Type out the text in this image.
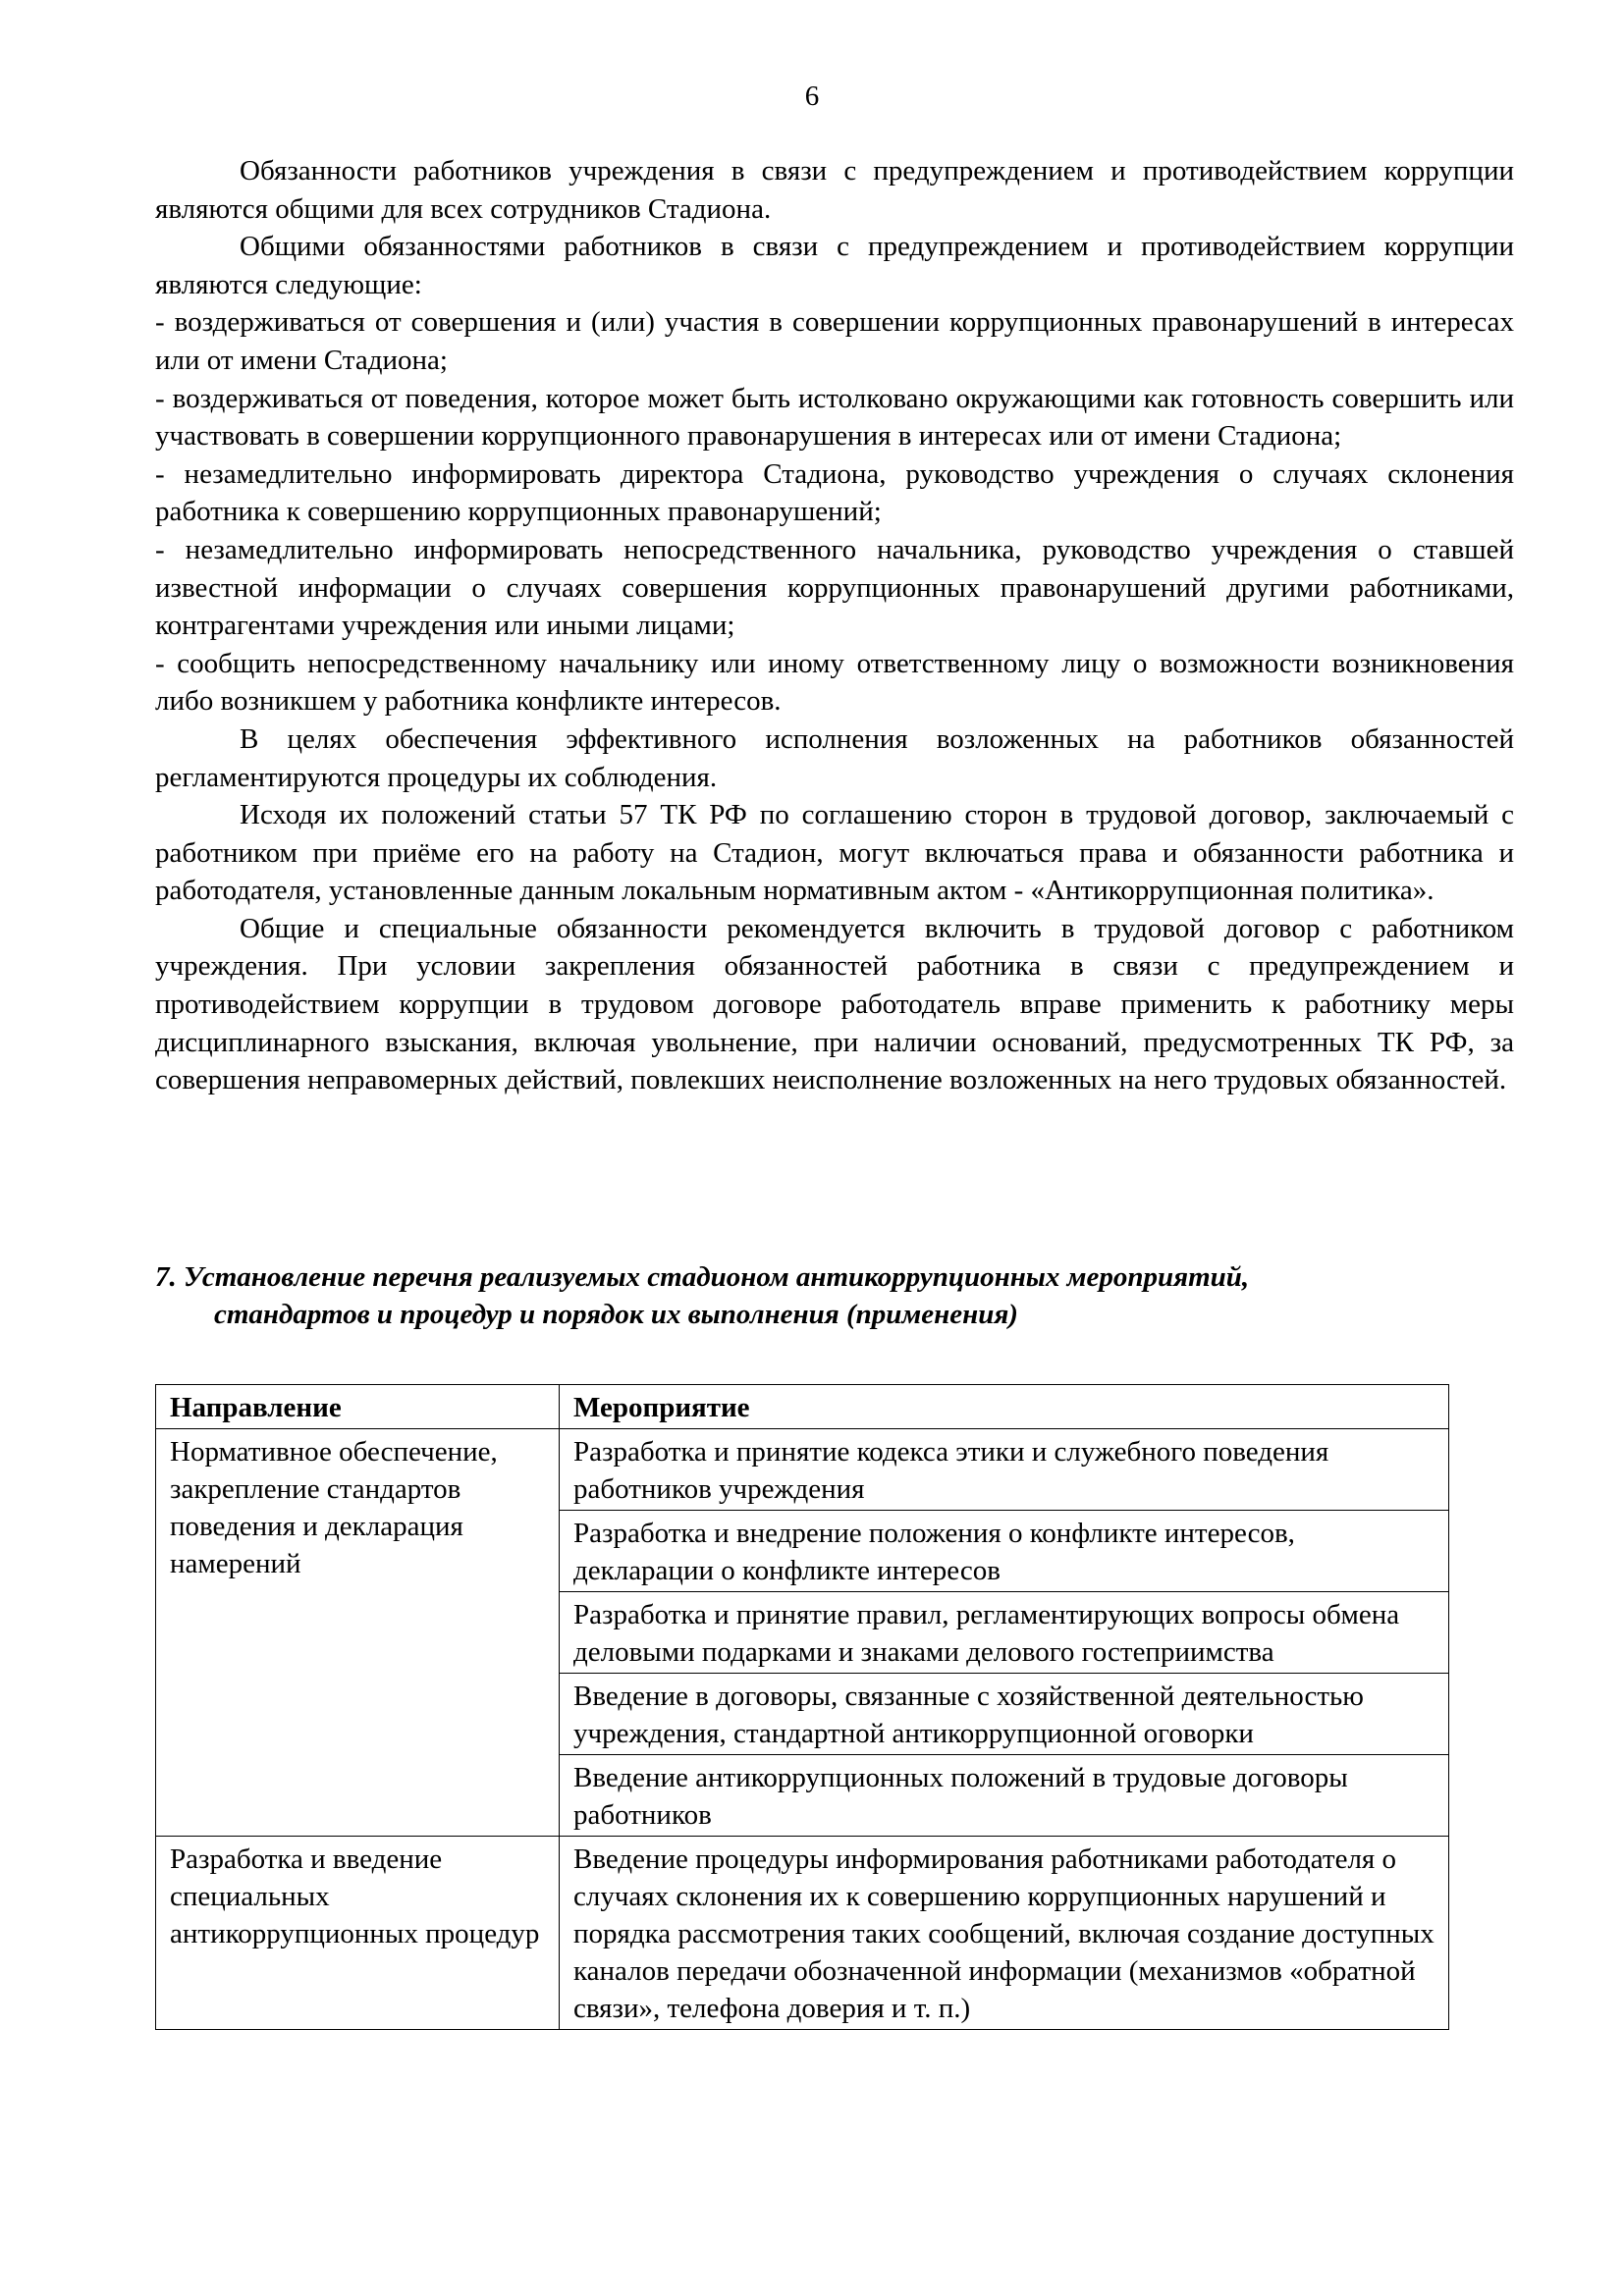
6

Обязанности работников учреждения в связи с предупреждением и противодействием коррупции являются общими для всех сотрудников Стадиона.

Общими обязанностями работников в связи с предупреждением и противодействием коррупции являются следующие:

- воздерживаться от совершения и (или) участия в совершении коррупционных правонарушений в интересах или от имени Стадиона;

- воздерживаться от поведения, которое может быть истолковано окружающими как готовность совершить или участвовать в совершении коррупционного правонарушения в интересах или от имени Стадиона;

- незамедлительно информировать директора Стадиона, руководство учреждения о случаях склонения работника к совершению коррупционных правонарушений;

- незамедлительно информировать непосредственного начальника, руководство учреждения о ставшей известной информации о случаях совершения коррупционных правонарушений другими работниками, контрагентами учреждения или иными лицами;

- сообщить непосредственному начальнику или иному ответственному лицу о возможности возникновения либо возникшем у работника конфликте интересов.

В целях обеспечения эффективного исполнения возложенных на работников обязанностей регламентируются процедуры их соблюдения.

Исходя их положений статьи 57 ТК РФ по соглашению сторон в трудовой договор, заключаемый с работником при приёме его на работу на Стадион, могут включаться права и обязанности работника и работодателя, установленные данным локальным нормативным актом - «Антикоррупционная политика».

Общие и специальные обязанности рекомендуется включить в трудовой договор с работником учреждения. При условии закрепления обязанностей работника в связи с предупреждением и противодействием коррупции в трудовом договоре работодатель вправе применить к работнику меры дисциплинарного взыскания, включая увольнение, при наличии оснований, предусмотренных ТК РФ, за совершения неправомерных действий, повлекших неисполнение возложенных на него трудовых обязанностей.

7. Установление перечня реализуемых стадионом антикоррупционных мероприятий,
стандартов и процедур и порядок их выполнения (применения)
Направление	Мероприятие
Нормативное обеспечение, закрепление стандартов поведения и декларация намерений	Разработка и принятие кодекса этики и служебного поведения работников учреждения
	Разработка и внедрение положения о конфликте интересов, декларации о конфликте интересов
	Разработка и принятие правил, регламентирующих вопросы обмена деловыми подарками и знаками делового гостеприимства
	Введение в договоры, связанные с хозяйственной деятельностью учреждения, стандартной антикоррупционной оговорки
	Введение антикоррупционных положений в трудовые договоры работников
Разработка и введение специальных антикоррупционных процедур	Введение процедуры информирования работниками работодателя о случаях склонения их к совершению коррупционных нарушений и порядка рассмотрения таких сообщений, включая создание доступных каналов передачи обозначенной информации (механизмов «обратной связи», телефона доверия и т. п.)
